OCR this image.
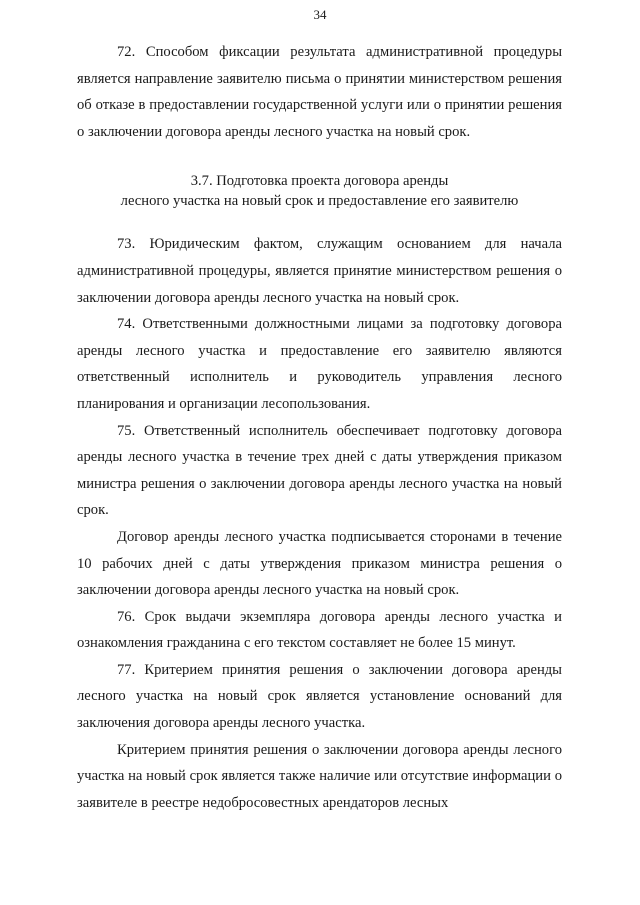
34

72. Способом фиксации результата административной процедуры является направление заявителю письма о принятии министерством решения об отказе в предоставлении государственной услуги или о принятии решения о заключении договора аренды лесного участка на новый срок.

3.7. Подготовка проекта договора аренды

лесного участка на новый срок и предоставление его заявителю

73. Юридическим фактом, служащим основанием для начала административной процедуры, является принятие министерством решения о заключении договора аренды лесного участка на новый срок.

74. Ответственными должностными лицами за подготовку договора аренды лесного участка и предоставление его заявителю являются ответственный исполнитель и руководитель управления лесного планирования и организации лесопользования.

75. Ответственный исполнитель обеспечивает подготовку договора аренды лесного участка в течение трех дней с даты утверждения приказом министра решения о заключении договора аренды лесного участка на новый срок.

Договор аренды лесного участка подписывается сторонами в течение 10 рабочих дней с даты утверждения приказом министра решения о заключении договора аренды лесного участка на новый срок.

76. Срок выдачи экземпляра договора аренды лесного участка и ознакомления гражданина с его текстом составляет не более 15 минут.

77. Критерием принятия решения о заключении договора аренды лесного участка на новый срок является установление оснований для заключения договора аренды лесного участка.

Критерием принятия решения о заключении договора аренды лесного участка на новый срок является также наличие или отсутствие информации о заявителе в реестре недобросовестных арендаторов лесных
